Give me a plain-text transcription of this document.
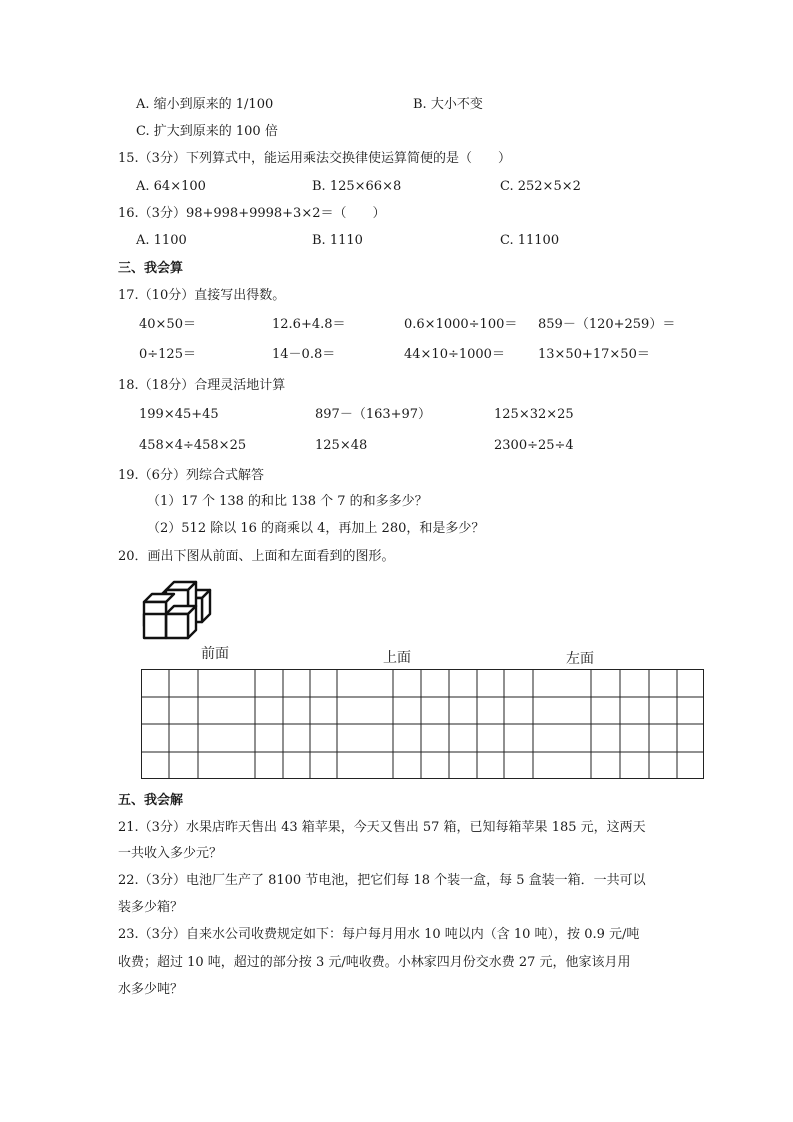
A. 缩小到原来的 1/100	B. 大小不变
C. 扩大到原来的 100 倍
15.（3分）下列算式中，能运用乘法交换律使运算简便的是（　　）
A. 64×100	B. 125×66×8	C. 252×5×2
16.（3分）98+998+9998+3×2＝（　　）
A. 1100	B. 1110	C. 11100
三、我会算
17.（10分）直接写出得数。
40×50＝	12.6+4.8＝	0.6×1000÷100＝ 859－（120+259）＝
0÷125＝	14－0.8＝	44×10÷1000＝	13×50+17×50＝
18.（18分）合理灵活地计算
199×45+45	897－（163+97）	125×32×25
458×4÷458×25	125×48	2300÷25÷4
19.（6分）列综合式解答
（1）17 个 138 的和比 138 个 7 的和多多少？
（2）512 除以 16 的商乘以 4，再加上 280，和是多少？
20．画出下图从前面、上面和左面看到的图形。
前面	上面	左面
五、我会解
21.（3分）水果店昨天售出 43 箱苹果，今天又售出 57 箱，已知每箱苹果 185 元，这两天
一共收入多少元？
22.（3分）电池厂生产了 8100 节电池，把它们每 18 个装一盒，每 5 盒装一箱．一共可以
装多少箱？
23.（3分）自来水公司收费规定如下：每户每月用水 10 吨以内（含 10 吨），按 0.9 元/吨
收费；超过 10 吨，超过的部分按 3 元/吨收费。小林家四月份交水费 27 元，他家该月用
水多少吨？
